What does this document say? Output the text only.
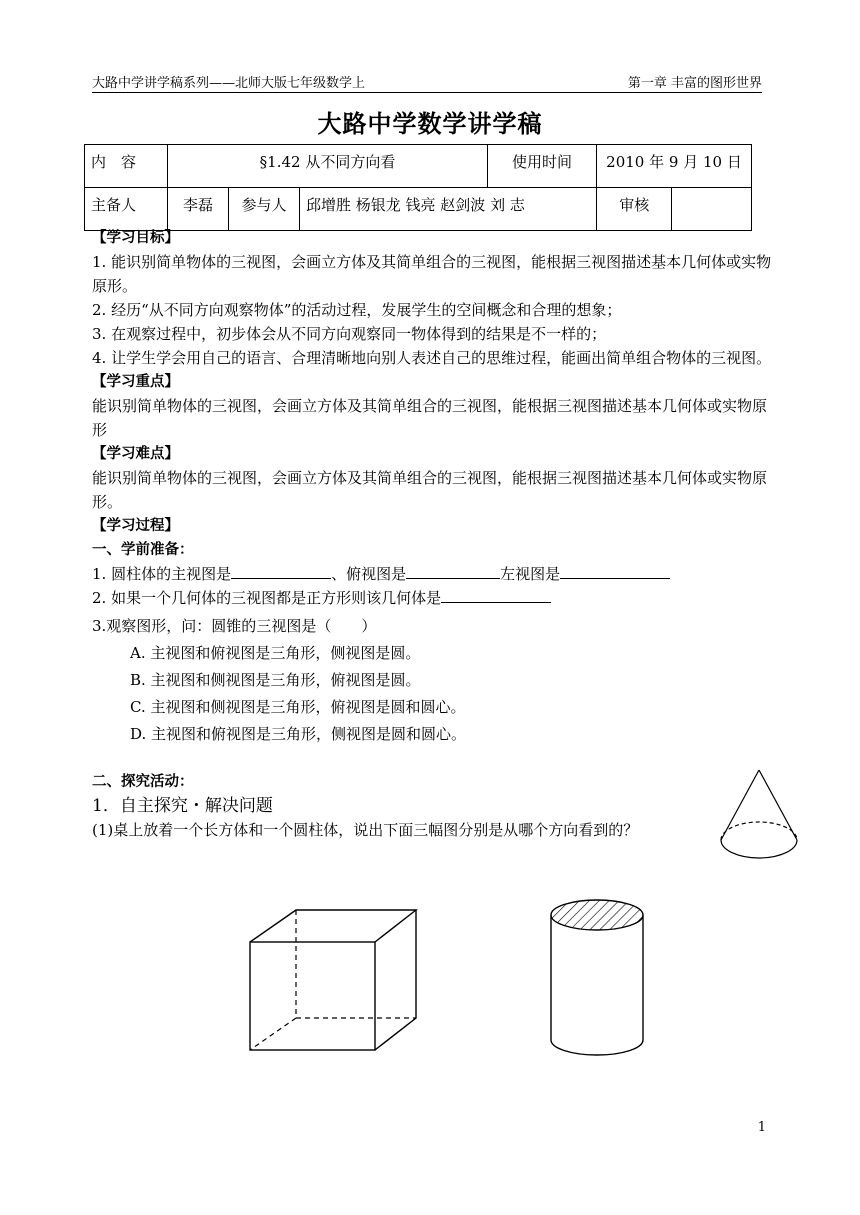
大路中学讲学稿系列——北师大版七年级数学上	第一章 丰富的图形世界
大路中学数学讲学稿
内　容	§1.42 从不同方向看			使用时间	2010 年 9 月 10 日	
主备人	李磊	参与人	邱增胜 杨银龙 钱亮 赵剑波 刘 志		审核	

【学习目标】

1. 能识别简单物体的三视图，会画立方体及其简单组合的三视图，能根据三视图描述基本几何体或实物原形。

2. 经历“从不同方向观察物体”的活动过程，发展学生的空间概念和合理的想象；

3. 在观察过程中，初步体会从不同方向观察同一物体得到的结果是不一样的；

4. 让学生学会用自己的语言、合理清晰地向别人表述自己的思维过程，能画出简单组合物体的三视图。

【学习重点】

能识别简单物体的三视图，会画立方体及其简单组合的三视图，能根据三视图描述基本几何体或实物原形

【学习难点】

能识别简单物体的三视图，会画立方体及其简单组合的三视图，能根据三视图描述基本几何体或实物原形。

【学习过程】

一、学前准备：

1. 圆柱体的主视图是	、俯视图是	左视图是

2. 如果一个几何体的三视图都是正方形则该几何体是

3.观察图形，问：圆锥的三视图是（　　）

A. 主视图和俯视图是三角形，侧视图是圆。

B. 主视图和侧视图是三角形，俯视图是圆。

C. 主视图和侧视图是三角形，俯视图是圆和圆心。

D. 主视图和俯视图是三角形，侧视图是圆和圆心。

二、探究活动：

1．自主探究・解决问题

(1)桌上放着一个长方体和一个圆柱体，说出下面三幅图分别是从哪个方向看到的？

1
